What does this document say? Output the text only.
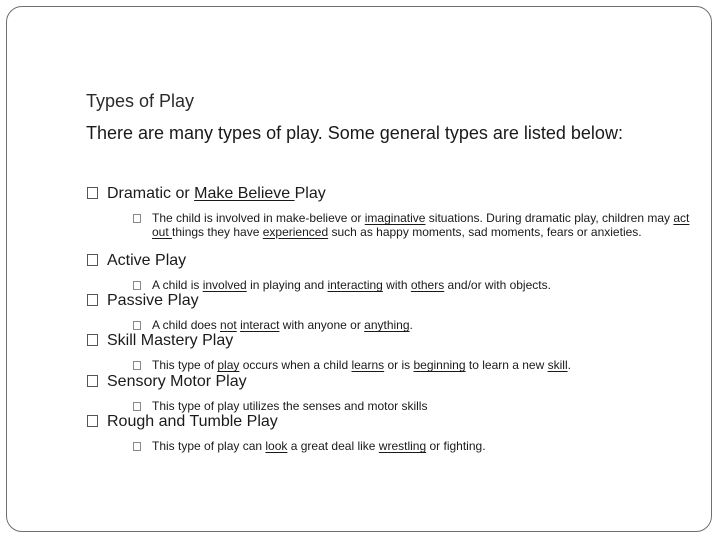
Types of Play
There are many types of play. Some general types are listed below:
Dramatic or Make Believe Play
The child is involved in make-believe or imaginative situations. During dramatic play, children may act out things they have experienced such as happy moments, sad moments, fears or anxieties.
Active Play
A child is involved in playing and interacting with others and/or with objects.
Passive Play
A child does not interact with anyone or anything.
Skill Mastery Play
This type of play occurs when a child learns or is beginning to learn a new skill.
Sensory Motor Play
This type of play utilizes the senses and motor skills
Rough and Tumble Play
This type of play can look a great deal like wrestling or fighting.
